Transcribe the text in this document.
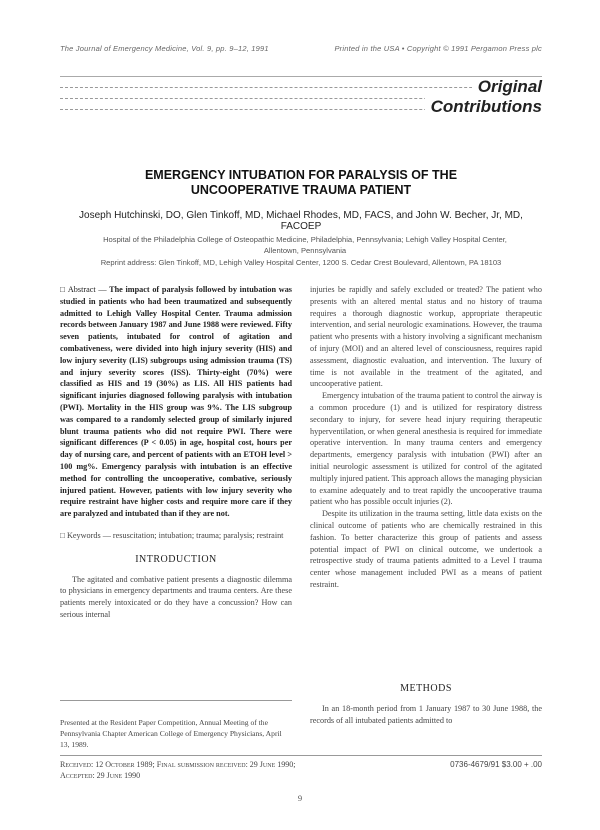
The Journal of Emergency Medicine, Vol. 9, pp. 9–12, 1991	Printed in the USA • Copyright © 1991 Pergamon Press plc
Original
Contributions
EMERGENCY INTUBATION FOR PARALYSIS OF THE
UNCOOPERATIVE TRAUMA PATIENT
Joseph Hutchinski, DO, Glen Tinkoff, MD, Michael Rhodes, MD, FACS, and John W. Becher, Jr, MD, FACOEP
Hospital of the Philadelphia College of Osteopathic Medicine, Philadelphia, Pennsylvania; Lehigh Valley Hospital Center,
Allentown, Pennsylvania
Reprint address: Glen Tinkoff, MD, Lehigh Valley Hospital Center, 1200 S. Cedar Crest Boulevard, Allentown, PA 18103
□ Abstract — The impact of paralysis followed by intubation was studied in patients who had been traumatized and subsequently admitted to Lehigh Valley Hospital Center. Trauma admission records between January 1987 and June 1988 were reviewed. Fifty seven patients, intubated for control of agitation and combativeness, were divided into high injury severity (HIS) and low injury severity (LIS) subgroups using admission trauma (TS) and injury severity scores (ISS). Thirty-eight (70%) were classified as HIS and 19 (30%) as LIS. All HIS patients had significant injuries diagnosed following paralysis with intubation (PWI). Mortality in the HIS group was 9%. The LIS subgroup was compared to a randomly selected group of similarly injured blunt trauma patients who did not require PWI. There were significant differences (P < 0.05) in age, hospital cost, hours per day of nursing care, and percent of patients with an ETOH level > 100 mg%. Emergency paralysis with intubation is an effective method for controlling the uncooperative, combative, seriously injured patient. However, patients with low injury severity who require restraint have higher costs and require more care if they are paralyzed and intubated than if they are not.
□ Keywords — resuscitation; intubation; trauma; paralysis; restraint
INTRODUCTION

The agitated and combative patient presents a diagnostic dilemma to physicians in emergency departments and trauma centers. Are these patients merely intoxicated or do they have a concussion? How can serious internal

injuries be rapidly and safely excluded or treated? The patient who presents with an altered mental status and no history of trauma requires a thorough diagnostic workup, appropriate therapeutic intervention, and serial neurologic examinations. However, the trauma patient who presents with a history involving a significant mechanism of injury (MOI) and an altered level of consciousness, requires rapid assessment, diagnostic evaluation, and intervention. The luxury of time is not available in the treatment of the agitated, and uncooperative patient.

Emergency intubation of the trauma patient to control the airway is a common procedure (1) and is utilized for respiratory distress secondary to injury, for severe head injury requiring therapeutic hyperventilation, or when general anesthesia is required for immediate operative intervention. In many trauma centers and emergency departments, emergency paralysis with intubation (PWI) after an initial neurologic assessment is utilized for control of the agitated multiply injured patient. This approach allows the managing physician to examine adequately and to treat rapidly the uncooperative trauma patient who has possible occult injuries (2).

Despite its utilization in the trauma setting, little data exists on the clinical outcome of patients who are chemically restrained in this fashion. To better characterize this group of patients and assess potential impact of PWI on clinical outcome, we undertook a retrospective study of trauma patients admitted to a Level I trauma center whose management included PWI as a means of patient restraint.

Presented at the Resident Paper Competition, Annual Meeting of the Pennsylvania Chapter American College of Emergency Physicians, April 13, 1989.
METHODS

In an 18-month period from 1 January 1987 to 30 June 1988, the records of all intubated patients admitted to

Received: 12 October 1989; Final submission received: 29 June 1990;
Accepted: 29 June 1990
0736-4679/91 $3.00 + .00
9
